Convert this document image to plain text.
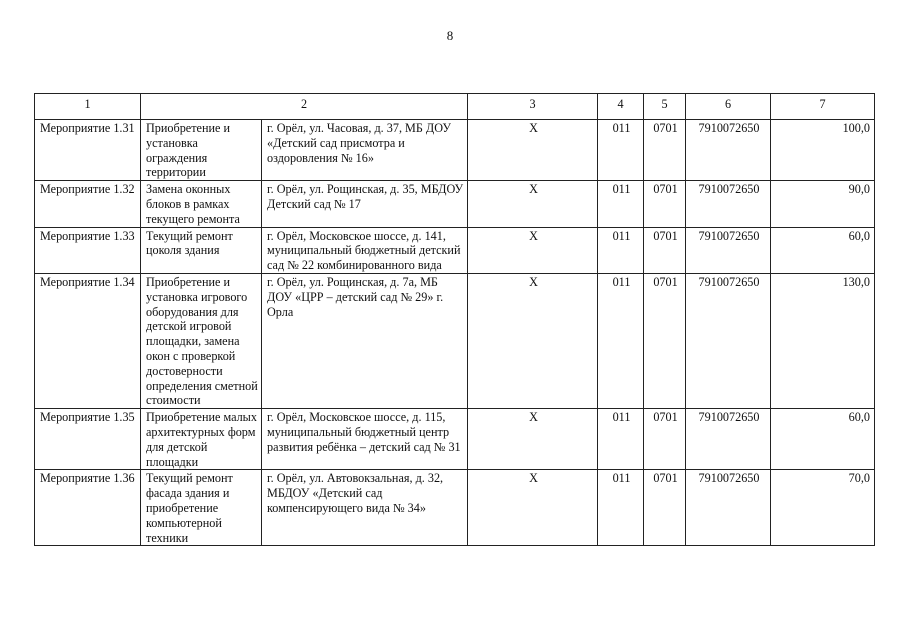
8
1	2		3	4	5	6	7

Мероприятие 1.31	Приобретение и установка ограждения территории	г. Орёл, ул. Часовая, д. 37, МБ ДОУ «Детский сад присмотра и оздоровления № 16»	Х	011	0701	7910072650	100,0

Мероприятие 1.32	Замена оконных блоков в рамках текущего ремонта	г. Орёл, ул. Рощинская, д. 35, МБДОУ Детский сад № 17	Х	011	0701	7910072650	90,0

Мероприятие 1.33	Текущий ремонт цоколя здания	г. Орёл, Московское шоссе, д. 141, муниципальный бюджетный детский сад № 22 комбинированного вида	Х	011	0701	7910072650	60,0

Мероприятие 1.34	Приобретение и установка игрового оборудования для детской игровой площадки, замена окон с проверкой достоверности определения сметной стоимости	г. Орёл, ул. Рощинская, д. 7а, МБ ДОУ «ЦРР – детский сад № 29» г. Орла	Х	011	0701	7910072650	130,0

Мероприятие 1.35	Приобретение малых архитектурных форм для детской площадки	г. Орёл, Московское шоссе, д. 115, муниципальный бюджетный центр развития ребёнка – детский сад № 31	Х	011	0701	7910072650	60,0

Мероприятие 1.36	Текущий ремонт фасада здания и приобретение компьютерной техники	г. Орёл, ул. Автовокзальная, д. 32, МБДОУ «Детский сад компенсирующего вида № 34»	Х	011	0701	7910072650	70,0
